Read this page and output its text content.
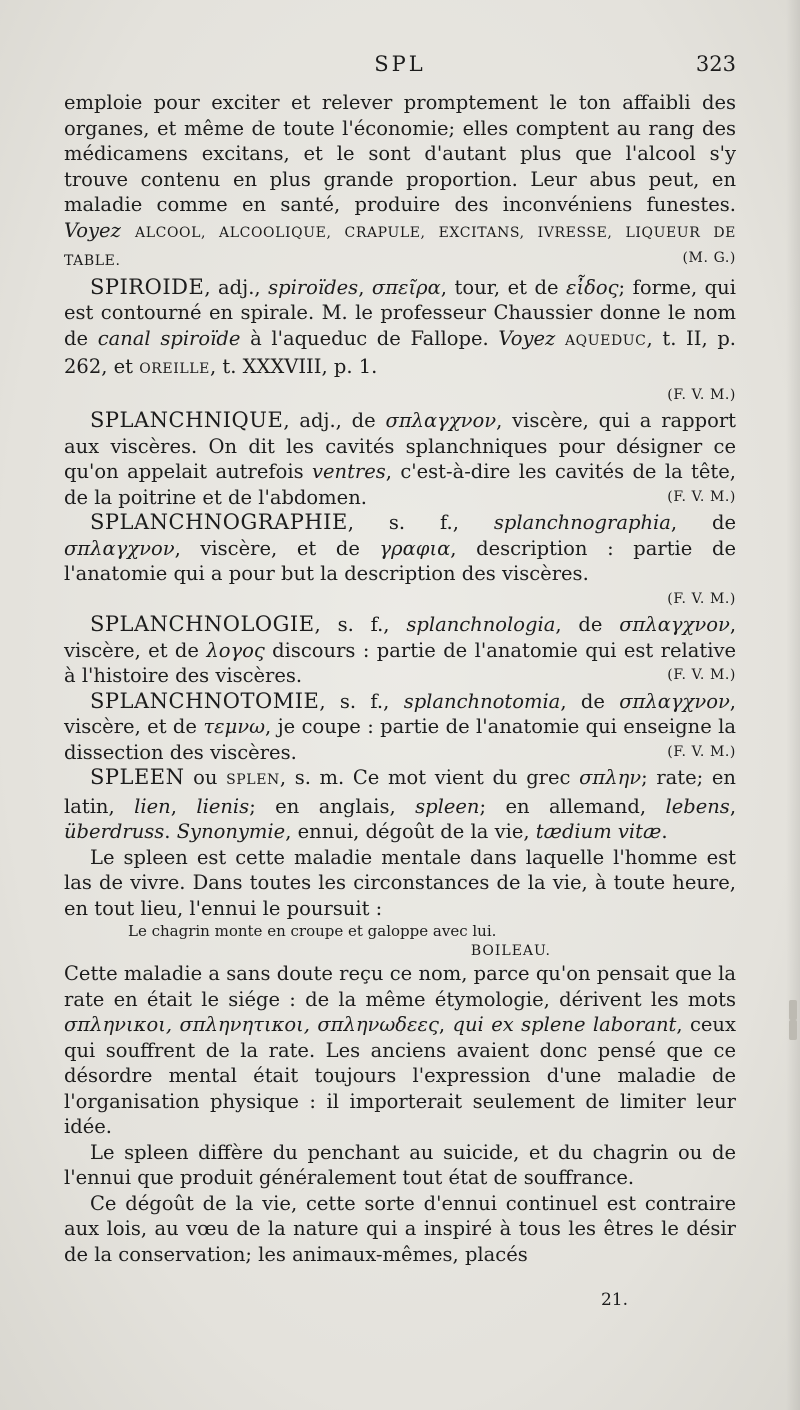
SPL	323

emploie pour exciter et relever promptement le ton affaibli des organes, et même de toute l'économie; elles comptent au rang des médicamens excitans, et le sont d'autant plus que l'alcool s'y trouve contenu en plus grande proportion. Leur abus peut, en maladie comme en santé, produire des inconvéniens funestes. Voyez ALCOOL, ALCOOLIQUE, CRAPULE, EXCITANS, IVRESSE, LIQUEUR DE TABLE.	(M. G.)

SPIROIDE, adj., spiroïdes, σπεῖρα, tour, et de εἶδος; forme, qui est contourné en spirale. M. le professeur Chaussier donne le nom de canal spiroïde à l'aqueduc de Fallope. Voyez AQUEDUC, t. II, p. 262, et OREILLE, t. XXXVIII, p. 1.

(F. V. M.)

SPLANCHNIQUE, adj., de σπλαγχνον, viscère, qui a rapport aux viscères. On dit les cavités splanchniques pour désigner ce qu'on appelait autrefois ventres, c'est-à-dire les cavités de la tête, de la poitrine et de l'abdomen.	(F. V. M.)

SPLANCHNOGRAPHIE, s. f., splanchnographia, de σπλαγχνον, viscère, et de γραφια, description : partie de l'anatomie qui a pour but la description des viscères.

(F. V. M.)

SPLANCHNOLOGIE, s. f., splanchnologia, de σπλαγχνον, viscère, et de λογος discours : partie de l'anatomie qui est relative à l'histoire des viscères.	(F. V. M.)

SPLANCHNOTOMIE, s. f., splanchnotomia, de σπλαγχνον, viscère, et de τεμνω, je coupe : partie de l'anatomie qui enseigne la dissection des viscères.	(F. V. M.)

SPLEEN ou SPLEN, s. m. Ce mot vient du grec σπλην; rate; en latin, lien, lienis; en anglais, spleen; en allemand, lebens, überdruss. Synonymie, ennui, dégoût de la vie, tædium vitæ.

Le spleen est cette maladie mentale dans laquelle l'homme est las de vivre. Dans toutes les circonstances de la vie, à toute heure, en tout lieu, l'ennui le poursuit :

Le chagrin monte en croupe et galoppe avec lui.
BOILEAU.

Cette maladie a sans doute reçu ce nom, parce qu'on pensait que la rate en était le siége : de la même étymologie, dérivent les mots σπληνικοι, σπληνητικοι, σπληνωδεες, qui ex splene laborant, ceux qui souffrent de la rate. Les anciens avaient donc pensé que ce désordre mental était toujours l'expression d'une maladie de l'organisation physique : il importerait seulement de limiter leur idée.

Le spleen diffère du penchant au suicide, et du chagrin ou de l'ennui que produit généralement tout état de souffrance.

Ce dégoût de la vie, cette sorte d'ennui continuel est contraire aux lois, au vœu de la nature qui a inspiré à tous les êtres le désir de la conservation; les animaux-mêmes, placés

21.
